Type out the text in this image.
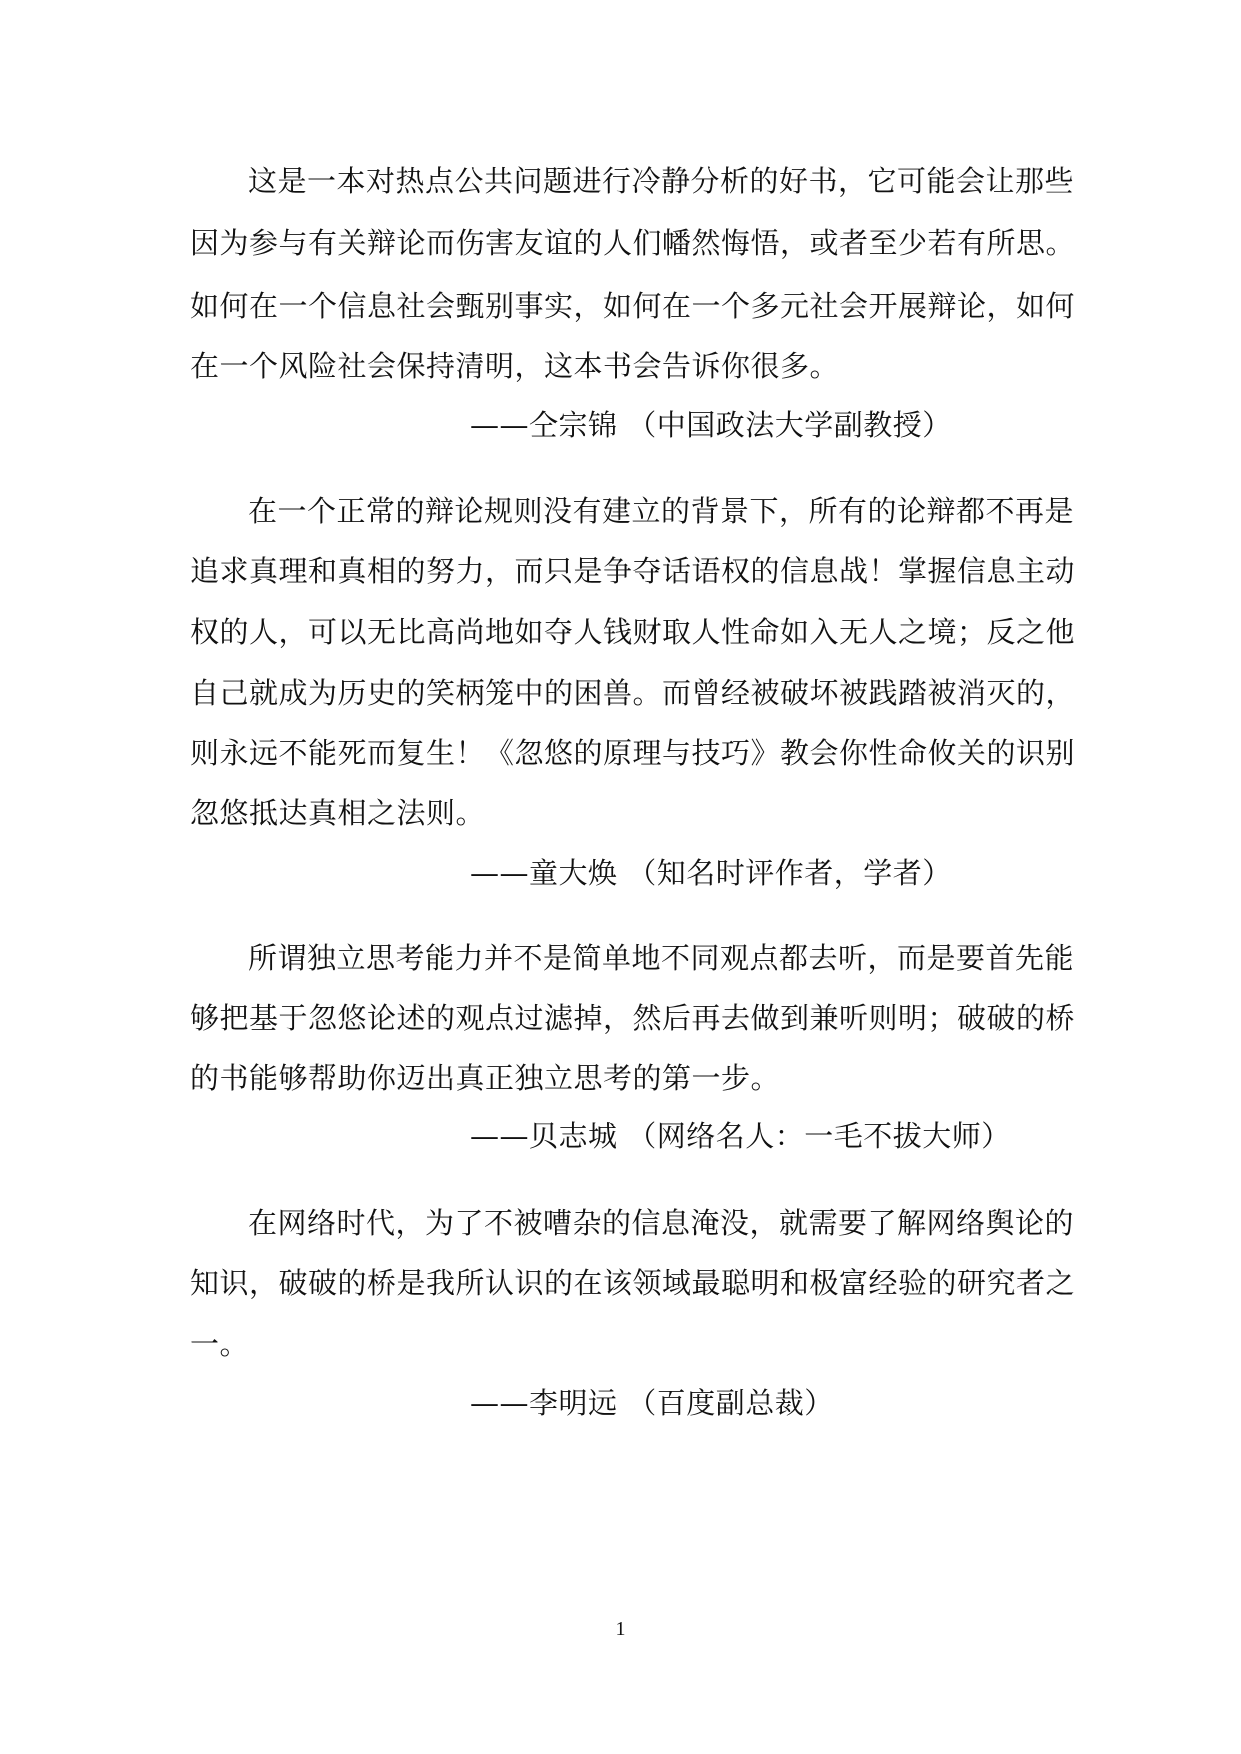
这是一本对热点公共问题进行冷静分析的好书，它可能会让那些
因为参与有关辩论而伤害友谊的人们幡然悔悟，或者至少若有所思。
如何在一个信息社会甄别事实，如何在一个多元社会开展辩论，如何
在一个风险社会保持清明，这本书会告诉你很多。
——仝宗锦 （中国政法大学副教授）
在一个正常的辩论规则没有建立的背景下，所有的论辩都不再是
追求真理和真相的努力，而只是争夺话语权的信息战！掌握信息主动
权的人，可以无比高尚地如夺人钱财取人性命如入无人之境；反之他
自己就成为历史的笑柄笼中的困兽。而曾经被破坏被践踏被消灭的，
则永远不能死而复生！《忽悠的原理与技巧》教会你性命攸关的识别
忽悠抵达真相之法则。
——童大焕 （知名时评作者，学者）
所谓独立思考能力并不是简单地不同观点都去听，而是要首先能
够把基于忽悠论述的观点过滤掉，然后再去做到兼听则明；破破的桥
的书能够帮助你迈出真正独立思考的第一步。
——贝志城 （网络名人：一毛不拔大师）
在网络时代，为了不被嘈杂的信息淹没，就需要了解网络舆论的
知识，破破的桥是我所认识的在该领域最聪明和极富经验的研究者之
一。
——李明远 （百度副总裁）
1
